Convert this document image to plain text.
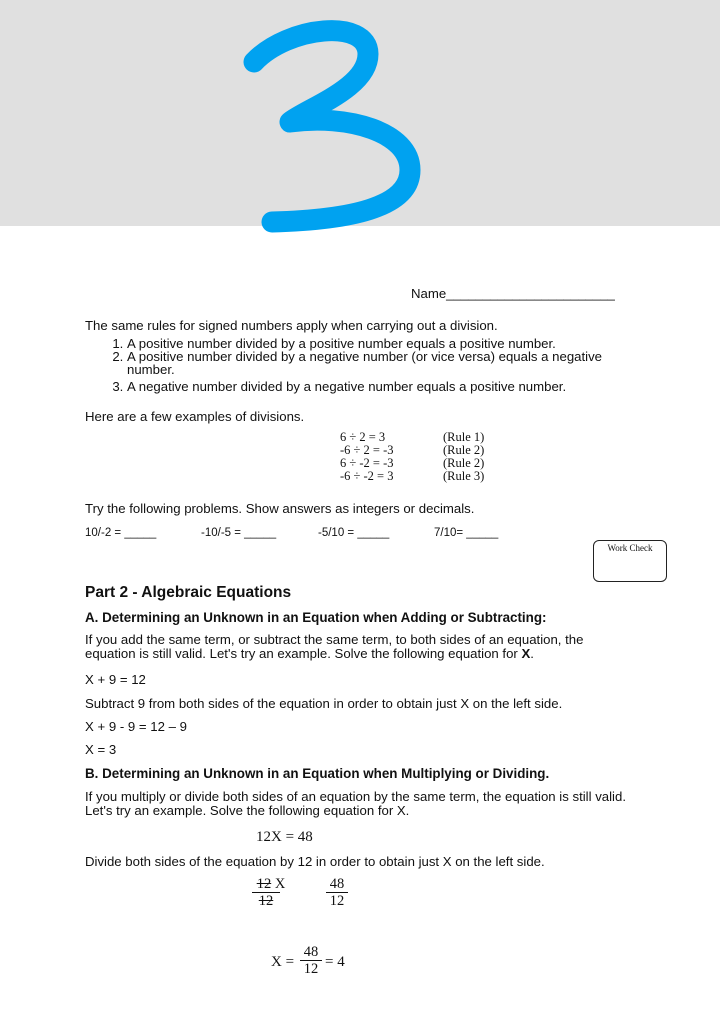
Name_______________________
The same rules for signed numbers apply when carrying out a division.
1. A positive number divided by a positive number equals a positive number.
2. A positive number divided by a negative number (or vice versa) equals a negative number.
3. A negative number divided by a negative number equals a positive number.
Here are a few examples of divisions.
6 ÷ 2 = 3	(Rule 1)
-6 ÷ 2 = -3	(Rule 2)
6 ÷ -2 = -3	(Rule 2)
-6 ÷ -2 = 3	(Rule 3)
Try the following problems. Show answers as integers or decimals.
10/-2 = _____	-10/-5 = _____	-5/10 = _____	7/10= _____
Work Check
Part 2 - Algebraic Equations
A. Determining an Unknown in an Equation when Adding or Subtracting:
If you add the same term, or subtract the same term, to both sides of an equation, the equation is still valid. Let's try an example. Solve the following equation for X.
X + 9 = 12
Subtract 9 from both sides of the equation in order to obtain just X on the left side.
X + 9 - 9 = 12 – 9
X = 3
B. Determining an Unknown in an Equation when Multiplying or Dividing.
If you multiply or divide both sides of an equation by the same term, the equation is still valid. Let's try an example. Solve the following equation for X.
12X = 48
Divide both sides of the equation by 12 in order to obtain just X on the left side.
$\frac{12 X}{12} \frac{48}{12}$
$X = \frac{48}{12} = 4$
